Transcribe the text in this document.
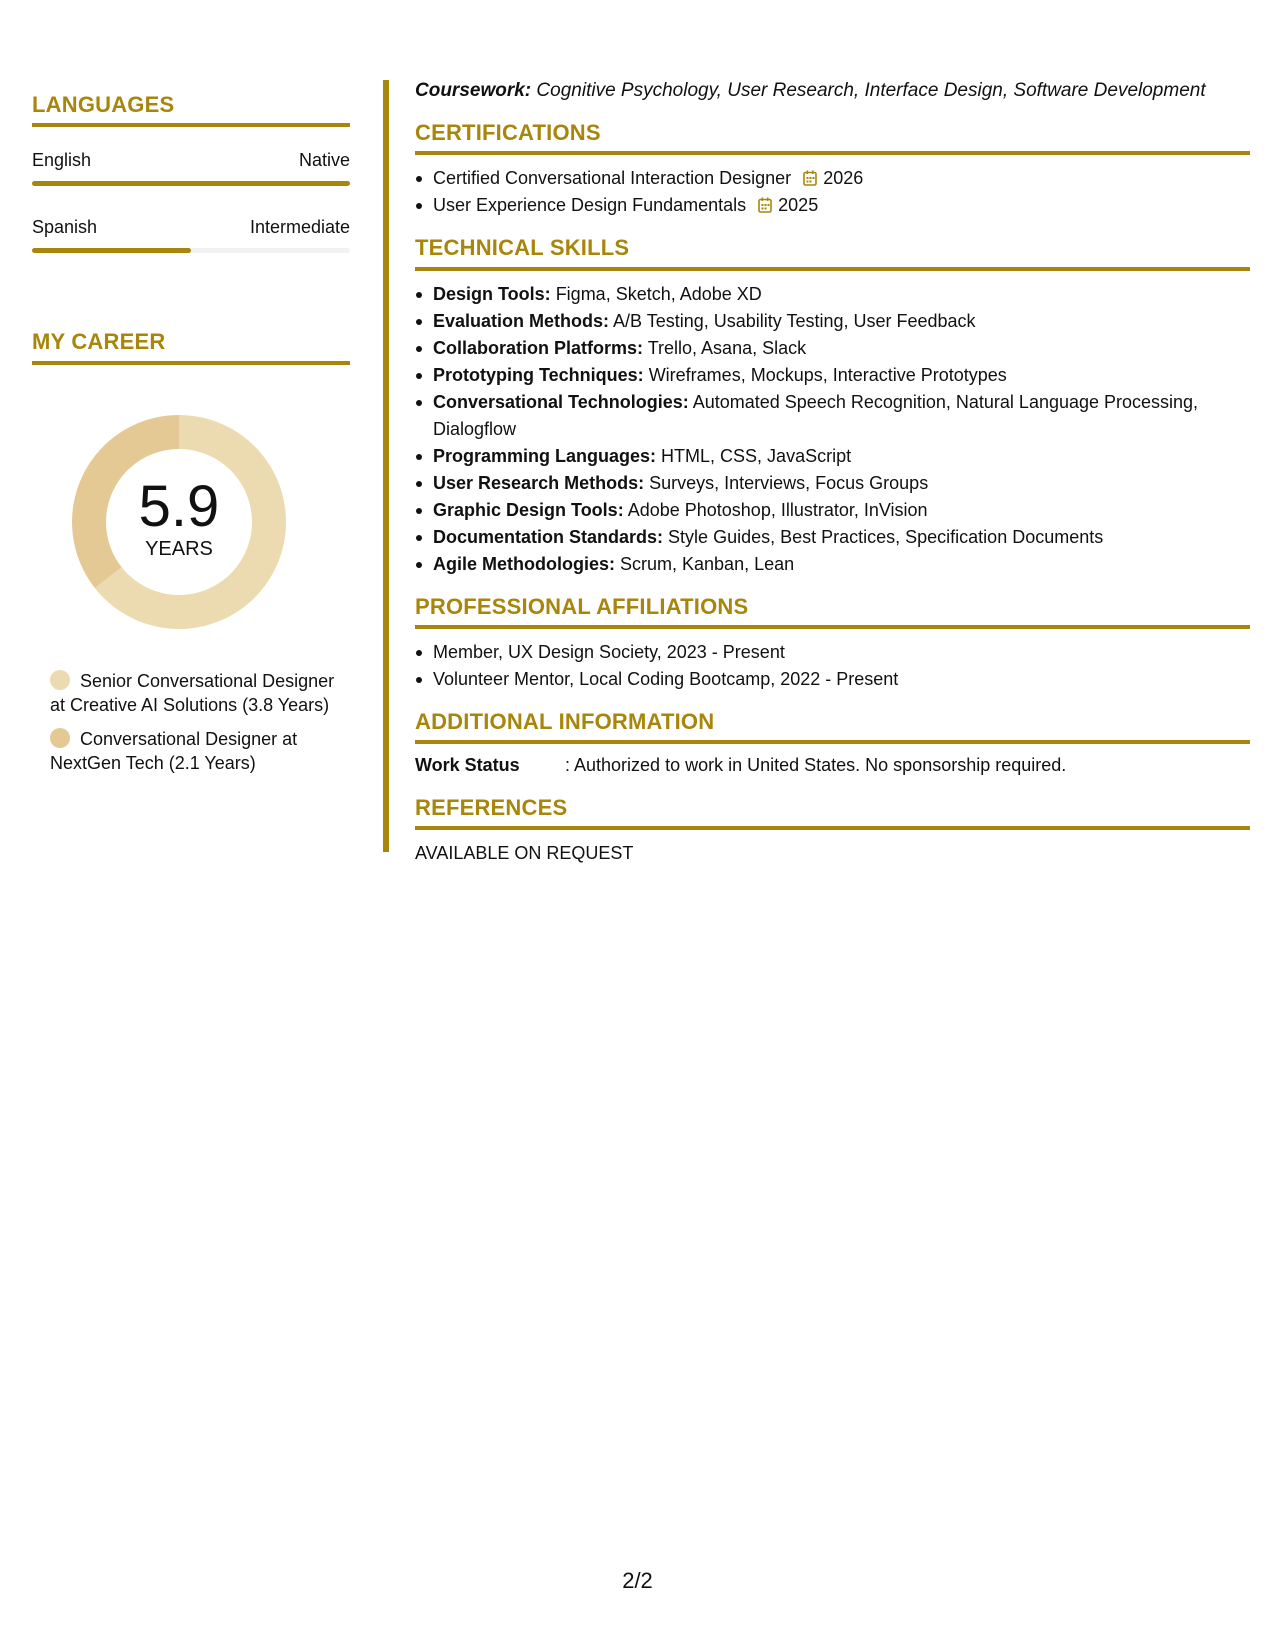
LANGUAGES
English	Native
Spanish	Intermediate
MY CAREER
5.9
YEARS
Senior Conversational Designer at Creative AI Solutions (3.8 Years)
Conversational Designer at NextGen Tech (2.1 Years)

Coursework: Cognitive Psychology, User Research, Interface Design, Software Development

CERTIFICATIONS
Certified Conversational Interaction Designer 2026
User Experience Design Fundamentals 2025
TECHNICAL SKILLS
Design Tools: Figma, Sketch, Adobe XD
Evaluation Methods: A/B Testing, Usability Testing, User Feedback
Collaboration Platforms: Trello, Asana, Slack
Prototyping Techniques: Wireframes, Mockups, Interactive Prototypes
Conversational Technologies: Automated Speech Recognition, Natural Language Processing, Dialogflow
Programming Languages: HTML, CSS, JavaScript
User Research Methods: Surveys, Interviews, Focus Groups
Graphic Design Tools: Adobe Photoshop, Illustrator, InVision
Documentation Standards: Style Guides, Best Practices, Specification Documents
Agile Methodologies: Scrum, Kanban, Lean
PROFESSIONAL AFFILIATIONS
Member, UX Design Society, 2023 - Present
Volunteer Mentor, Local Coding Bootcamp, 2022 - Present
ADDITIONAL INFORMATION
Work Status	: Authorized to work in United States. No sponsorship required.
REFERENCES
AVAILABLE ON REQUEST
2/2
